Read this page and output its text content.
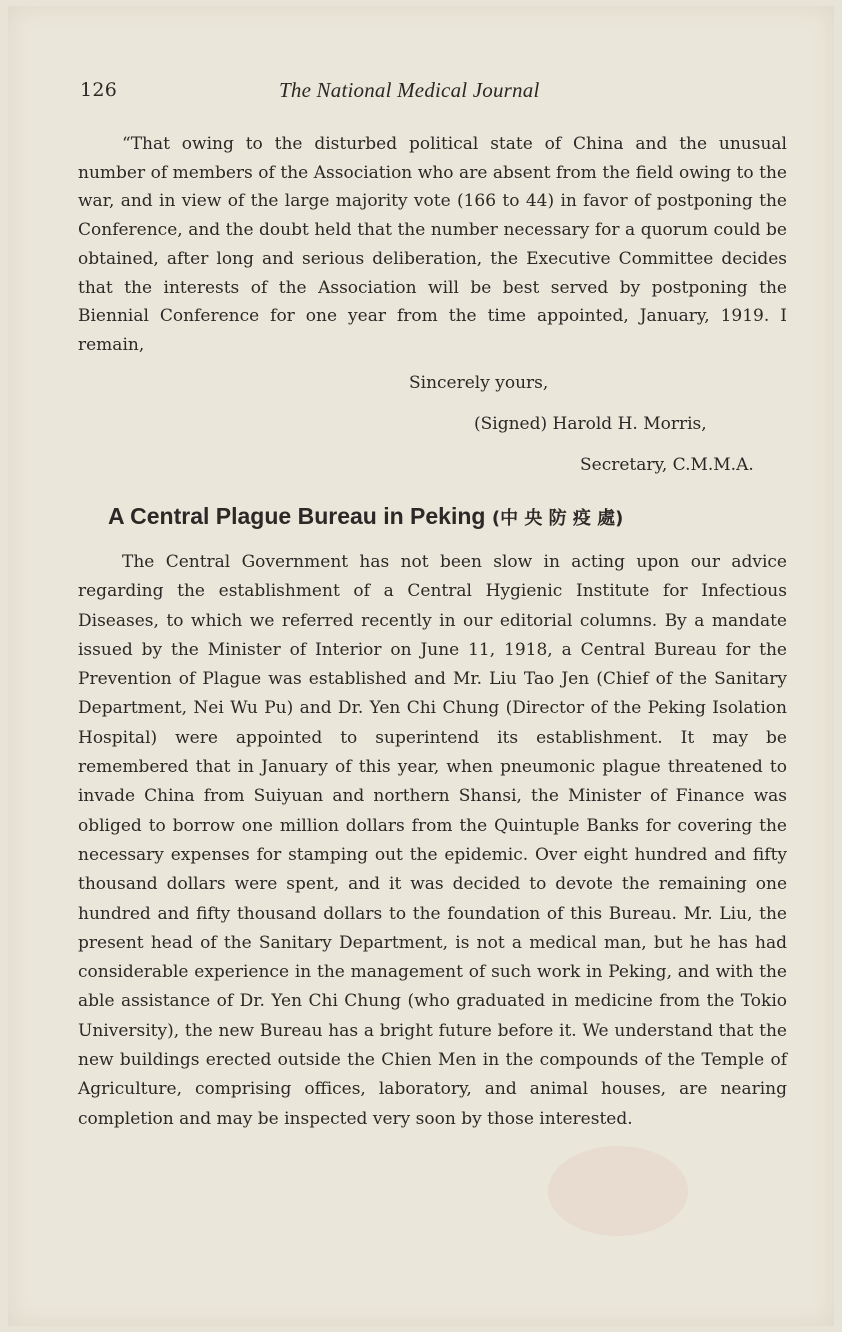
126	The National Medical Journal

“That owing to the disturbed political state of China and the unusual number of members of the Association who are absent from the field owing to the war, and in view of the large majority vote (166 to 44) in favor of postponing the Conference, and the doubt held that the number necessary for a quorum could be obtained, after long and serious deliberation, the Executive Committee decides that the interests of the Association will be best served by postponing the Biennial Conference for one year from the time appointed, January, 1919. I remain,

Sincerely yours,
(Signed) Harold H. Morris,
Secretary, C.M.M.A.
A Central Plague Bureau in Peking (中 央 防 疫 處)

The Central Government has not been slow in acting upon our advice regarding the establishment of a Central Hygienic Institute for Infectious Diseases, to which we referred recently in our editorial columns. By a mandate issued by the Minister of Interior on June 11, 1918, a Central Bureau for the Prevention of Plague was established and Mr. Liu Tao Jen (Chief of the Sanitary Department, Nei Wu Pu) and Dr. Yen Chi Chung (Director of the Peking Isolation Hospital) were appointed to superintend its establishment. It may be remembered that in January of this year, when pneumonic plague threatened to invade China from Suiyuan and northern Shansi, the Minister of Finance was obliged to borrow one million dollars from the Quintuple Banks for covering the necessary expenses for stamping out the epidemic. Over eight hundred and fifty thousand dollars were spent, and it was decided to devote the remaining one hundred and fifty thousand dollars to the foundation of this Bureau. Mr. Liu, the present head of the Sanitary Department, is not a medical man, but he has had considerable experience in the management of such work in Peking, and with the able assistance of Dr. Yen Chi Chung (who graduated in medicine from the Tokio University), the new Bureau has a bright future before it. We understand that the new buildings erected outside the Chien Men in the compounds of the Temple of Agriculture, comprising offices, laboratory, and animal houses, are nearing completion and may be inspected very soon by those interested.
